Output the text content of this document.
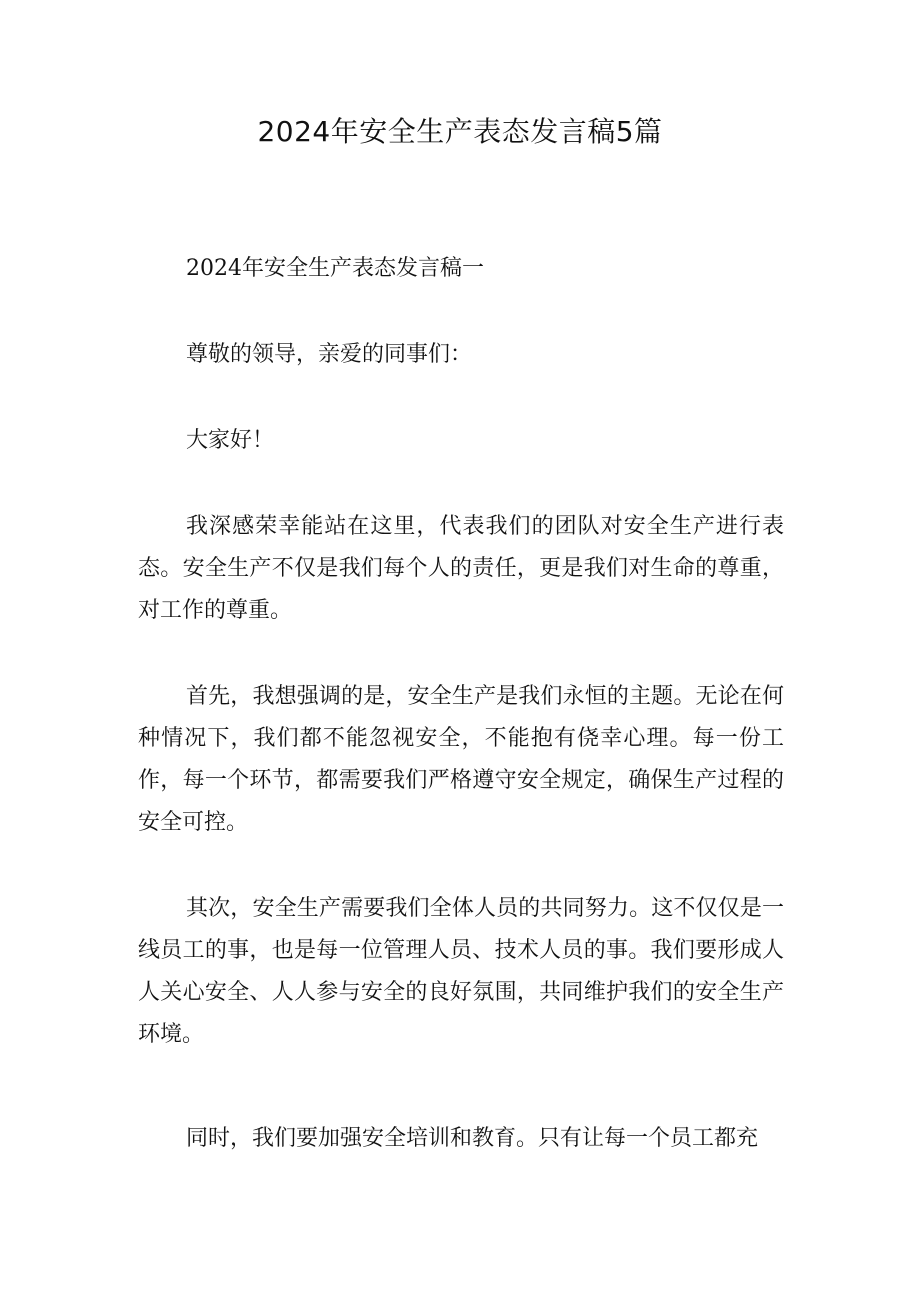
2024年安全生产表态发言稿5篇

2024年安全生产表态发言稿一

尊敬的领导，亲爱的同事们：

大家好！

我深感荣幸能站在这里，代表我们的团队对安全生产进行表态。安全生产不仅是我们每个人的责任，更是我们对生命的尊重，对工作的尊重。

首先，我想强调的是，安全生产是我们永恒的主题。无论在何种情况下，我们都不能忽视安全，不能抱有侥幸心理。每一份工作，每一个环节，都需要我们严格遵守安全规定，确保生产过程的安全可控。

其次，安全生产需要我们全体人员的共同努力。这不仅仅是一线员工的事，也是每一位管理人员、技术人员的事。我们要形成人人关心安全、人人参与安全的良好氛围，共同维护我们的安全生产环境。

同时，我们要加强安全培训和教育。只有让每一个员工都充
